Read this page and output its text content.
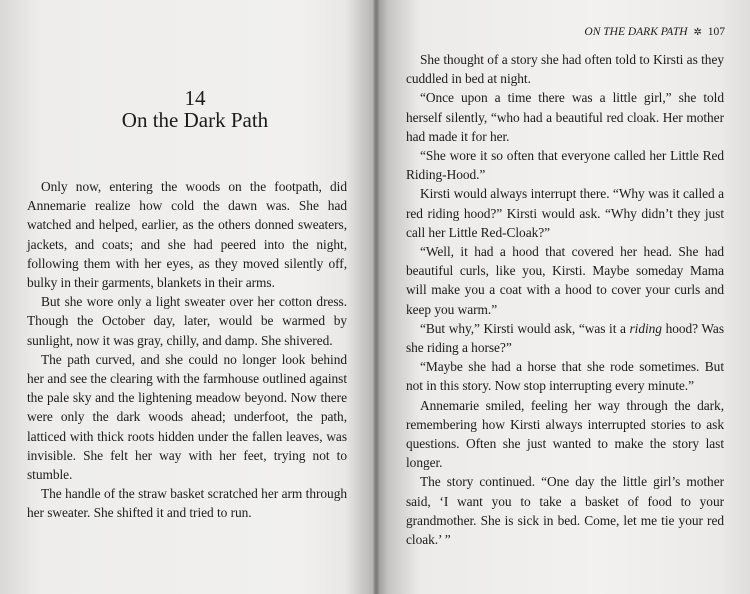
14
On the Dark Path

Only now, entering the woods on the footpath, did Annemarie realize how cold the dawn was. She had watched and helped, earlier, as the others donned sweaters, jackets, and coats; and she had peered into the night, following them with her eyes, as they moved silently off, bulky in their garments, blankets in their arms.

But she wore only a light sweater over her cotton dress. Though the October day, later, would be warmed by sunlight, now it was gray, chilly, and damp. She shivered.

The path curved, and she could no longer look behind her and see the clearing with the farmhouse outlined against the pale sky and the lightening meadow beyond. Now there were only the dark woods ahead; underfoot, the path, latticed with thick roots hidden under the fallen leaves, was invisible. She felt her way with her feet, trying not to stumble.

The handle of the straw basket scratched her arm through her sweater. She shifted it and tried to run.

ON THE DARK PATH ✲ 107

She thought of a story she had often told to Kirsti as they cuddled in bed at night.

“Once upon a time there was a little girl,” she told herself silently, “who had a beautiful red cloak. Her mother had made it for her.

“She wore it so often that everyone called her Little Red Riding-Hood.”

Kirsti would always interrupt there. “Why was it called a red riding hood?” Kirsti would ask. “Why didn’t they just call her Little Red-Cloak?”

“Well, it had a hood that covered her head. She had beautiful curls, like you, Kirsti. Maybe someday Mama will make you a coat with a hood to cover your curls and keep you warm.”

“But why,” Kirsti would ask, “was it a riding hood? Was she riding a horse?”

“Maybe she had a horse that she rode sometimes. But not in this story. Now stop interrupting every minute.”

Annemarie smiled, feeling her way through the dark, remembering how Kirsti always interrupted stories to ask questions. Often she just wanted to make the story last longer.

The story continued. “One day the little girl’s mother said, ‘I want you to take a basket of food to your grandmother. She is sick in bed. Come, let me tie your red cloak.’ ”
